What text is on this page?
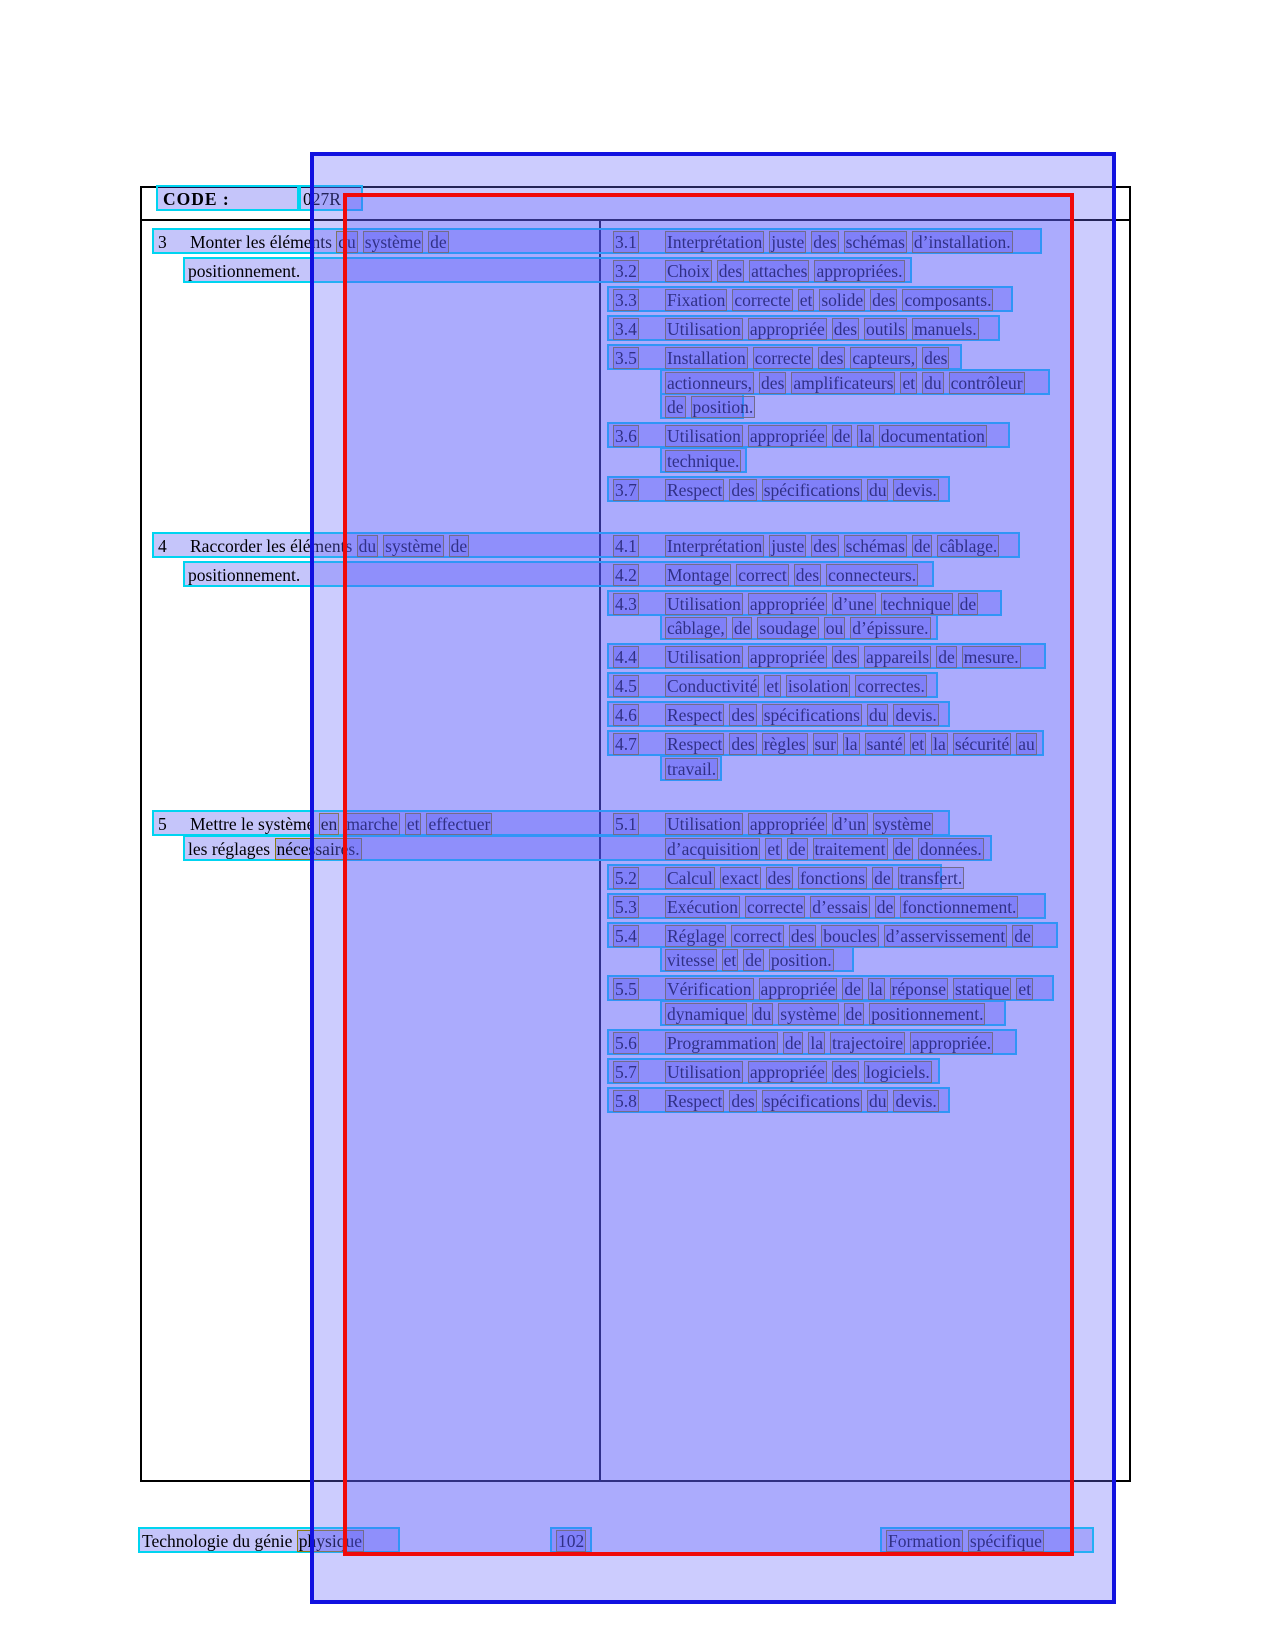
CODE :	027R
3 Monter les éléments du système de	3.1 Interprétation juste des schémas d’installation.
positionnement.	3.2 Choix des attaches appropriées.
3.3 Fixation correcte et solide des composants.
3.4 Utilisation appropriée des outils manuels.
3.5 Installation correcte des capteurs, des
actionneurs, des amplificateurs et du contrôleur
de position.
3.6 Utilisation appropriée de la documentation
technique.
3.7 Respect des spécifications du devis.
4 Raccorder les éléments du système de	4.1 Interprétation juste des schémas de câblage.
positionnement.	4.2 Montage correct des connecteurs.
4.3 Utilisation appropriée d’une technique de
câblage, de soudage ou d’épissure.
4.4 Utilisation appropriée des appareils de mesure.
4.5 Conductivité et isolation correctes.
4.6 Respect des spécifications du devis.
4.7 Respect des règles sur la santé et la sécurité au
travail.
5 Mettre le système en marche et effectuer	5.1 Utilisation appropriée d’un système
les réglages nécessaires.	d’acquisition et de traitement de données.
5.2 Calcul exact des fonctions de transfert.
5.3 Exécution correcte d’essais de fonctionnement.
5.4 Réglage correct des boucles d’asservissement de
vitesse et de position.
5.5 Vérification appropriée de la réponse statique et
dynamique du système de positionnement.
5.6 Programmation de la trajectoire appropriée.
5.7 Utilisation appropriée des logiciels.
5.8 Respect des spécifications du devis.
Technologie du génie physique	102	Formation spécifique
